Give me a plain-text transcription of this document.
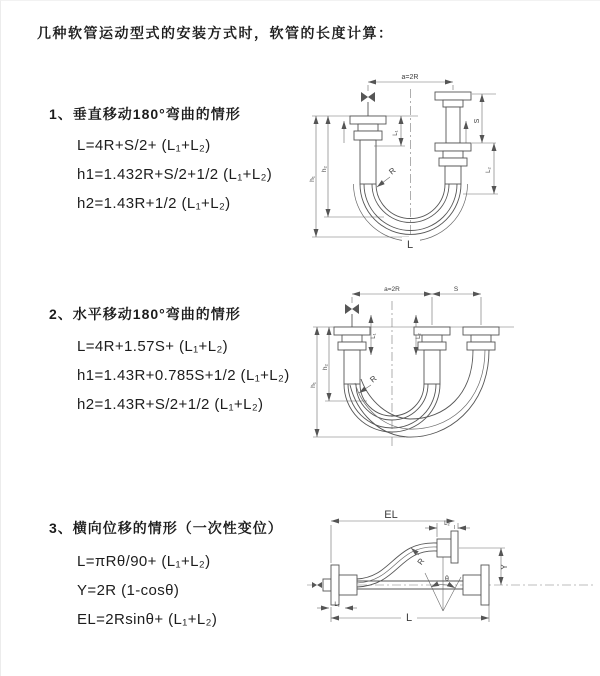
几种软管运动型式的安装方式时，软管的长度计算：
1、垂直移动180°弯曲的情形
L=4R+S/2+ (L₁+L₂)
h1=1.432R+S/2+1/2 (L₁+L₂)
h2=1.43R+1/2 (L₁+L₂)
a=2R
S
L₁
L₂
h₁
h₂	R
L
2、水平移动180°弯曲的情形
L=4R+1.57S+ (L₁+L₂)
h1=1.43R+0.785S+1/2 (L₁+L₂)
h2=1.43R+S/2+1/2 (L₁+L₂)
a=2R	S
L₁	L₂
h₁
h₂
R
3、横向位移的情形（一次性变位）
L=πRθ/90+ (L₁+L₂)
Y=2R (1-cosθ)
EL=2Rsinθ+ (L₁+L₂)
EL
L₂
L₁
Y
L
R
θ
